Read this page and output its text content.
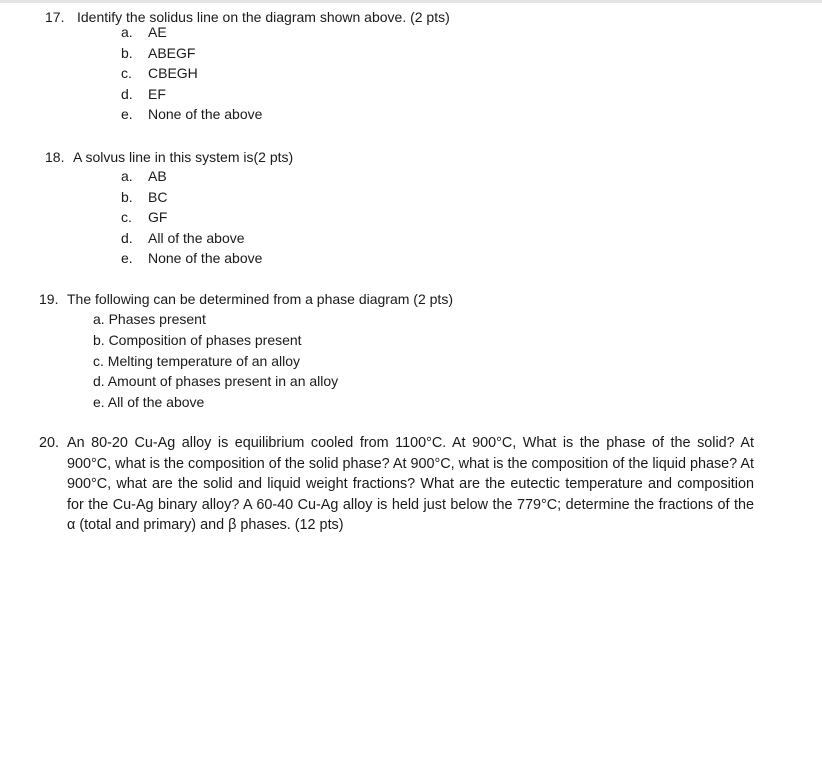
17. Identify the solidus line on the diagram shown above. (2 pts)
a. AE
b. ABEGF
c. CBEGH
d. EF
e. None of the above
18. A solvus line in this system is(2 pts)
a. AB
b. BC
c. GF
d. All of the above
e. None of the above
19. The following can be determined from a phase diagram (2 pts)
a. Phases present
b. Composition of phases present
c. Melting temperature of an alloy
d. Amount of phases present in an alloy
e. All of the above
20. An 80-20 Cu-Ag alloy is equilibrium cooled from 1100°C. At 900°C, What is the phase of the solid? At 900°C, what is the composition of the solid phase? At 900°C, what is the composition of the liquid phase? At 900°C, what are the solid and liquid weight fractions? What are the eutectic temperature and composition for the Cu-Ag binary alloy? A 60-40 Cu-Ag alloy is held just below the 779°C; determine the fractions of the α (total and primary) and β phases. (12 pts)
